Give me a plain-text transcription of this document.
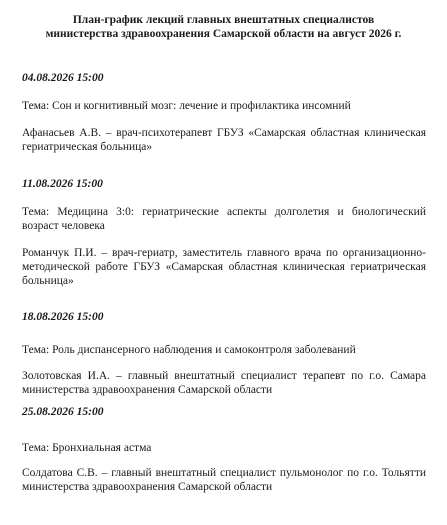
План-график лекций главных внештатных специалистов

министерства здравоохранения Самарской области на август 2026 г.

04.08.2026 15:00

Тема: Сон и когнитивный мозг: лечение и профилактика инсомний

Афанасьев А.В. – врач-психотерапевт ГБУЗ «Самарская областная клиническая гериатрическая больница»

11.08.2026 15:00

Тема: Медицина 3:0: гериатрические аспекты долголетия и биологический возраст человека

Романчук П.И. – врач-гериатр, заместитель главного врача по организационно-методической работе ГБУЗ «Самарская областная клиническая гериатрическая больница»

18.08.2026 15:00

Тема: Роль диспансерного наблюдения и самоконтроля заболеваний

Золотовская И.А. – главный внештатный специалист терапевт по г.о. Самара министерства здравоохранения Самарской области

25.08.2026 15:00

Тема: Бронхиальная астма

Солдатова С.В. – главный внештатный специалист пульмонолог по г.о. Тольятти министерства здравоохранения Самарской области
